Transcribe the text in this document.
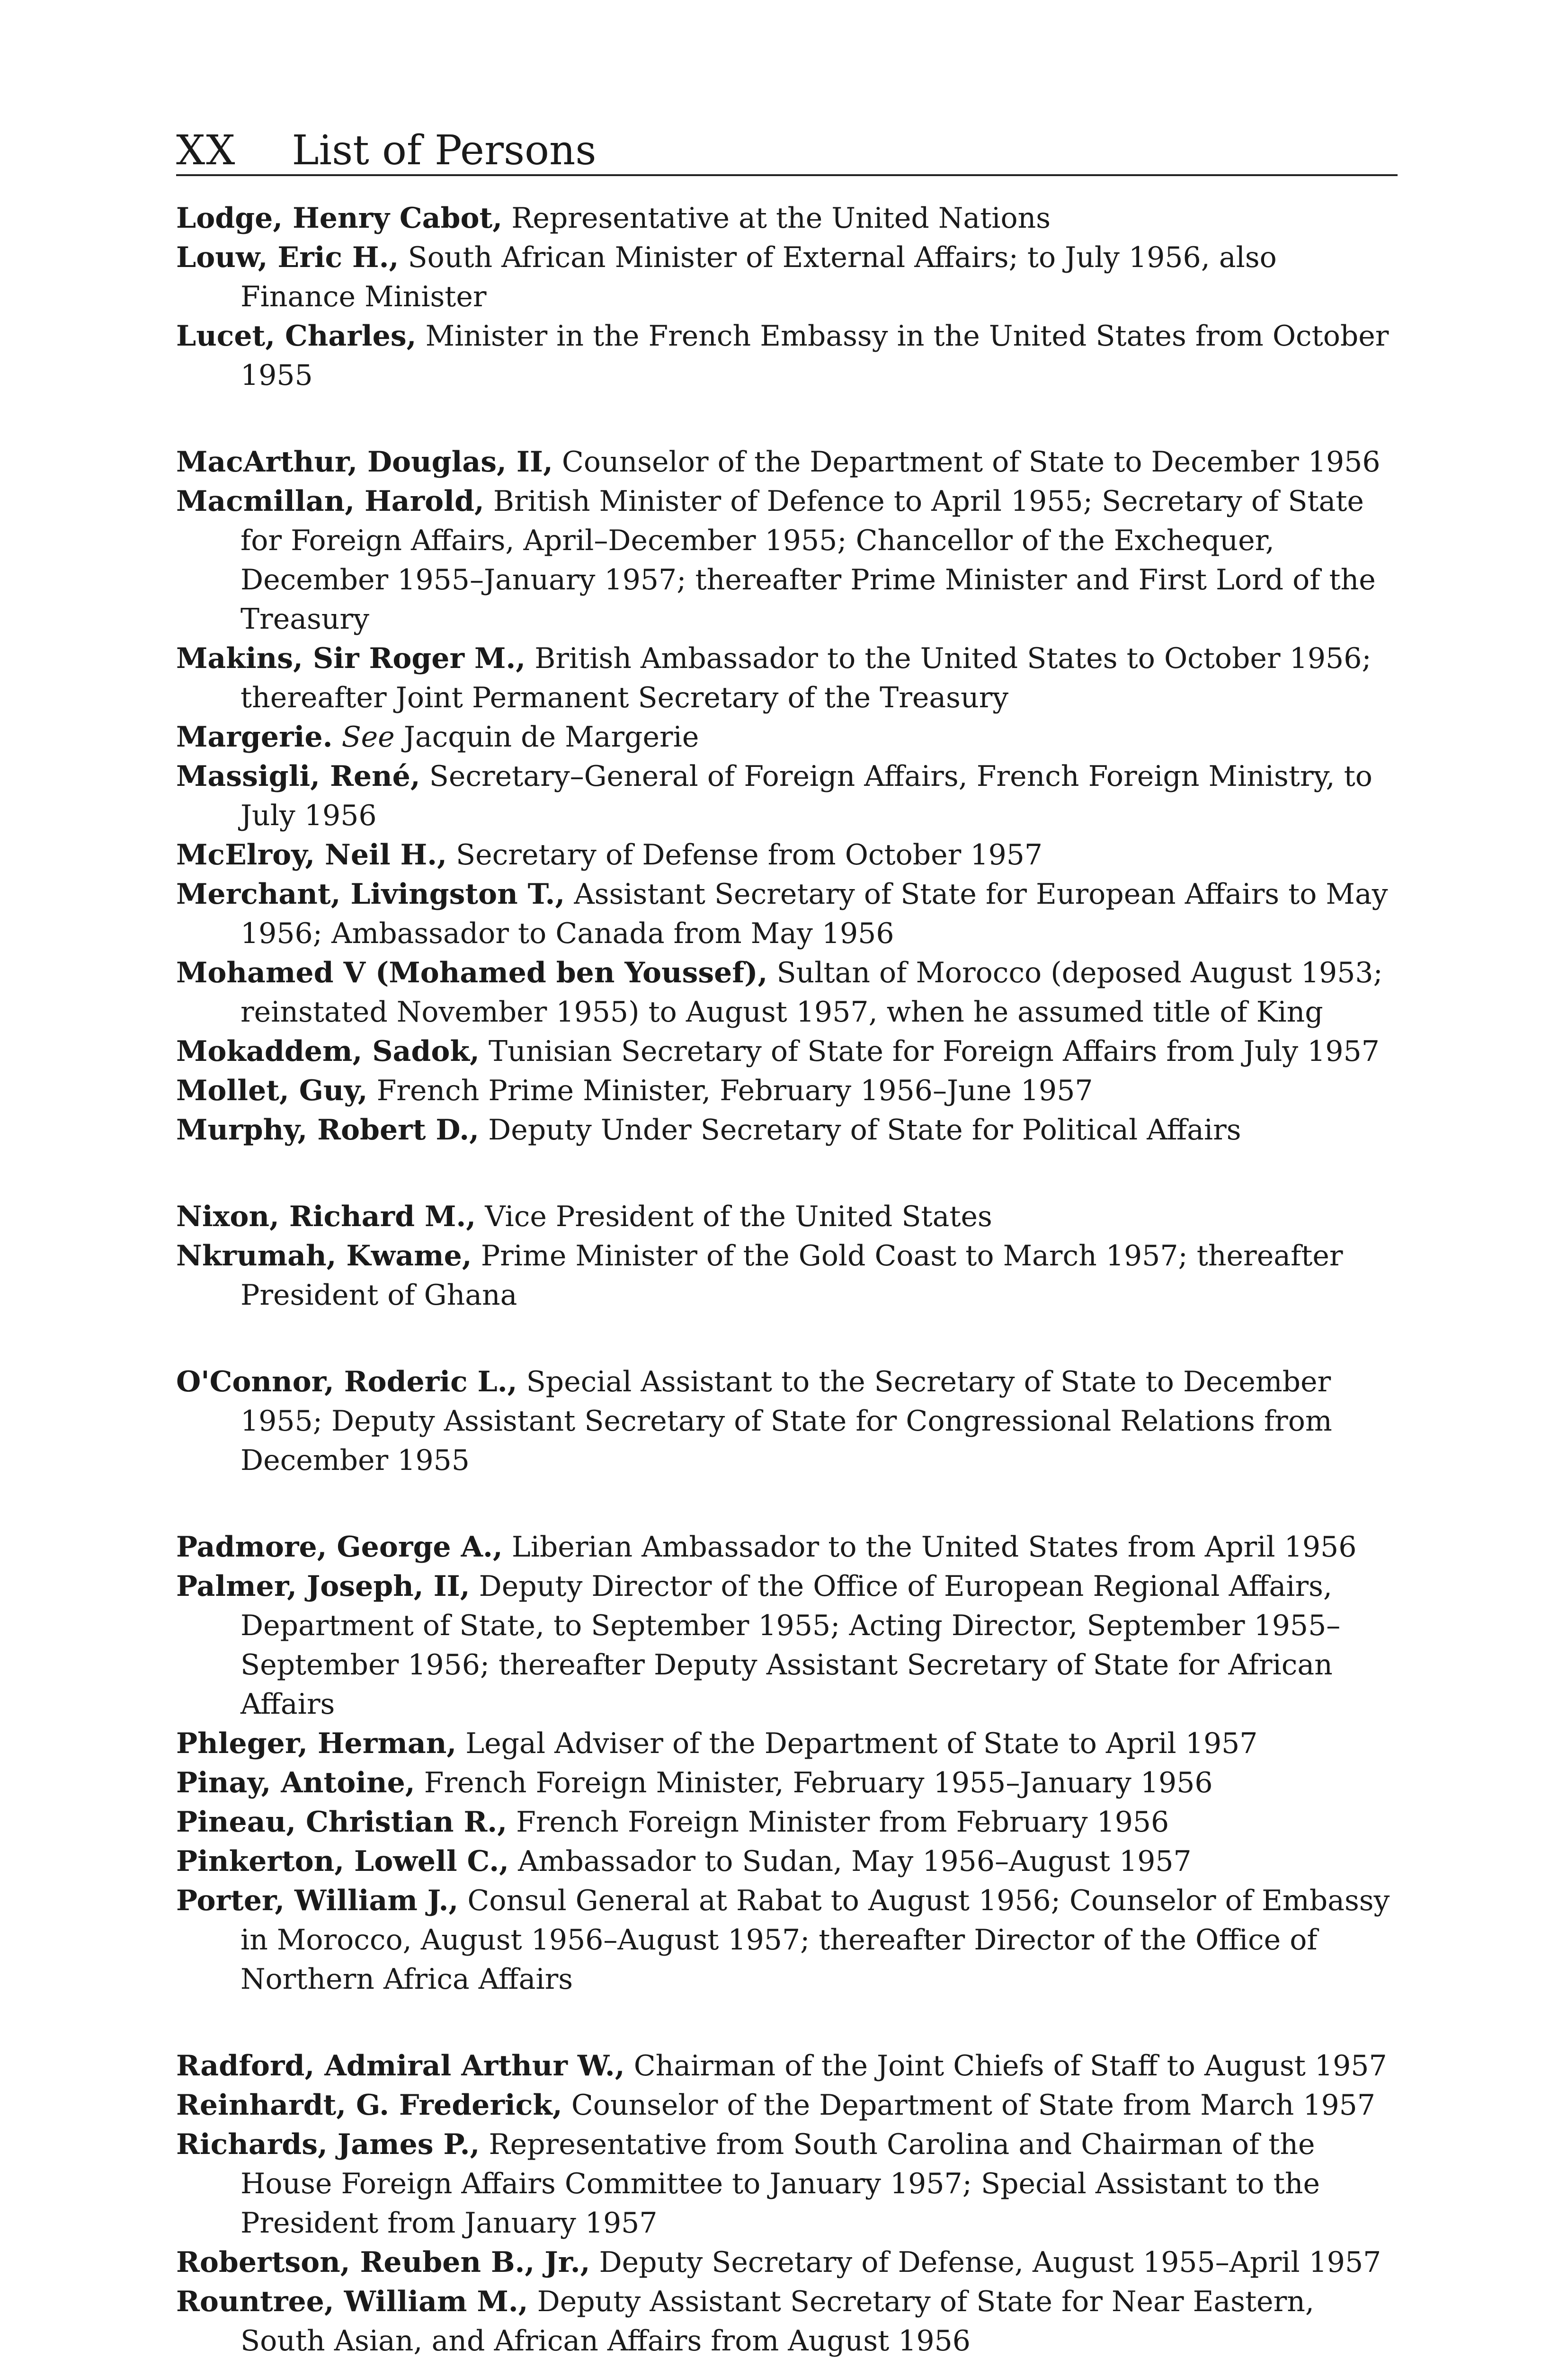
XX List of Persons
Lodge, Henry Cabot, Representative at the United Nations
Louw, Eric H., South African Minister of External Affairs; to July 1956, also Finance Minister
Lucet, Charles, Minister in the French Embassy in the United States from October 1955
MacArthur, Douglas, II, Counselor of the Department of State to December 1956
Macmillan, Harold, British Minister of Defence to April 1955; Secretary of State for Foreign Affairs, April–December 1955; Chancellor of the Exchequer, December 1955–January 1957; thereafter Prime Minister and First Lord of the Treasury
Makins, Sir Roger M., British Ambassador to the United States to October 1956; thereafter Joint Permanent Secretary of the Treasury
Margerie. See Jacquin de Margerie
Massigli, René, Secretary–General of Foreign Affairs, French Foreign Ministry, to July 1956
McElroy, Neil H., Secretary of Defense from October 1957
Merchant, Livingston T., Assistant Secretary of State for European Affairs to May 1956; Ambassador to Canada from May 1956
Mohamed V (Mohamed ben Youssef), Sultan of Morocco (deposed August 1953; reinstated November 1955) to August 1957, when he assumed title of King
Mokaddem, Sadok, Tunisian Secretary of State for Foreign Affairs from July 1957
Mollet, Guy, French Prime Minister, February 1956–June 1957
Murphy, Robert D., Deputy Under Secretary of State for Political Affairs
Nixon, Richard M., Vice President of the United States
Nkrumah, Kwame, Prime Minister of the Gold Coast to March 1957; thereafter President of Ghana
O'Connor, Roderic L., Special Assistant to the Secretary of State to December 1955; Deputy Assistant Secretary of State for Congressional Relations from December 1955
Padmore, George A., Liberian Ambassador to the United States from April 1956
Palmer, Joseph, II, Deputy Director of the Office of European Regional Affairs, Department of State, to September 1955; Acting Director, September 1955–September 1956; thereafter Deputy Assistant Secretary of State for African Affairs
Phleger, Herman, Legal Adviser of the Department of State to April 1957
Pinay, Antoine, French Foreign Minister, February 1955–January 1956
Pineau, Christian R., French Foreign Minister from February 1956
Pinkerton, Lowell C., Ambassador to Sudan, May 1956–August 1957
Porter, William J., Consul General at Rabat to August 1956; Counselor of Embassy in Morocco, August 1956–August 1957; thereafter Director of the Office of Northern Africa Affairs
Radford, Admiral Arthur W., Chairman of the Joint Chiefs of Staff to August 1957
Reinhardt, G. Frederick, Counselor of the Department of State from March 1957
Richards, James P., Representative from South Carolina and Chairman of the House Foreign Affairs Committee to January 1957; Special Assistant to the President from January 1957
Robertson, Reuben B., Jr., Deputy Secretary of Defense, August 1955–April 1957
Rountree, William M., Deputy Assistant Secretary of State for Near Eastern, South Asian, and African Affairs from August 1956
